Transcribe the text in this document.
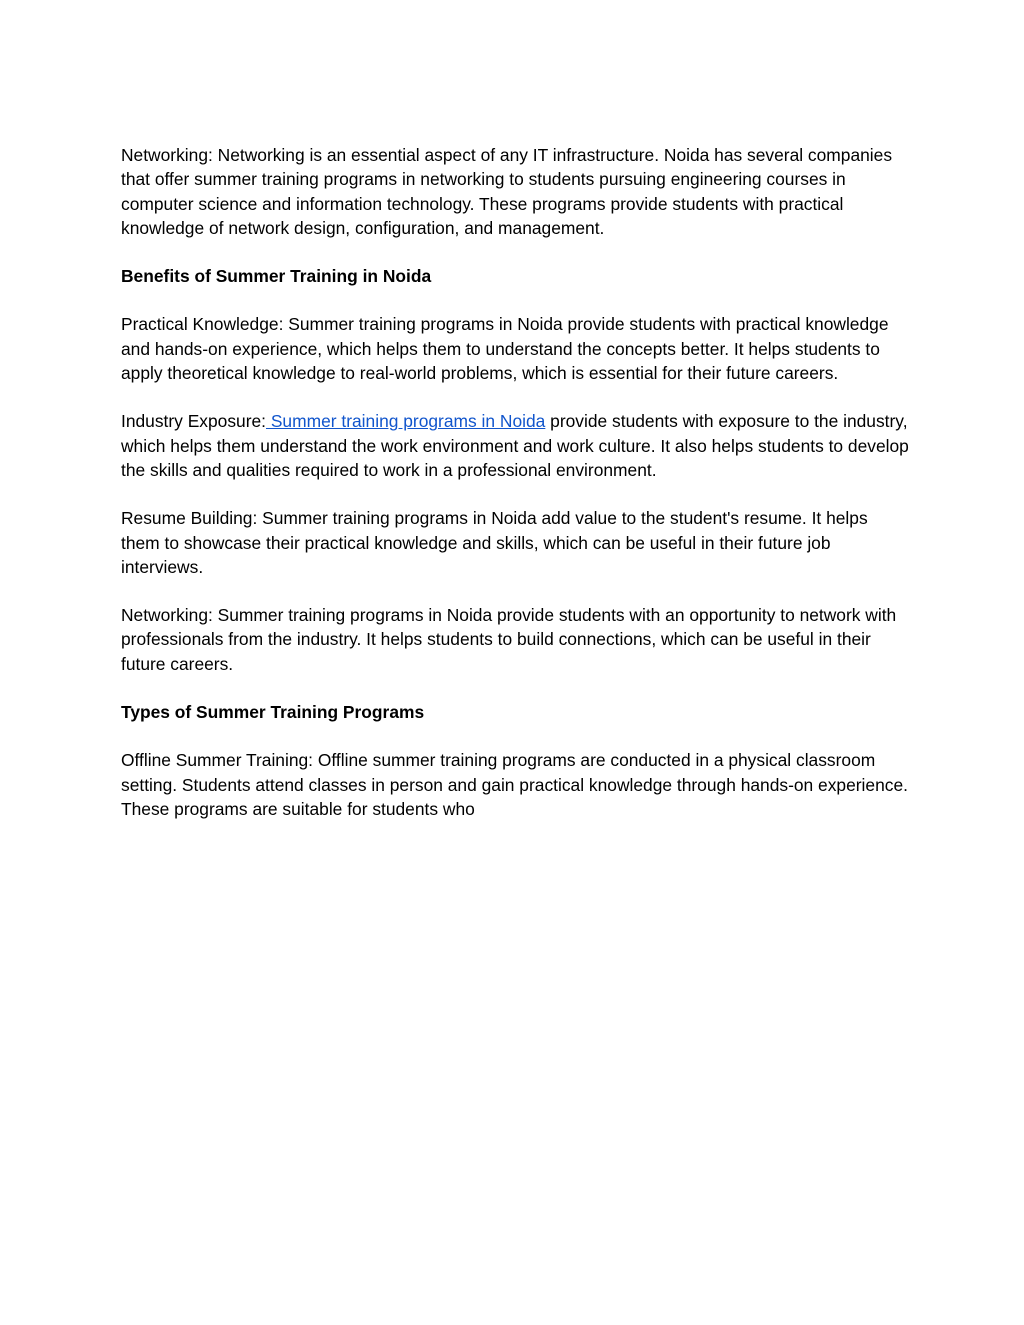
Networking: Networking is an essential aspect of any IT infrastructure. Noida has several companies that offer summer training programs in networking to students pursuing engineering courses in computer science and information technology. These programs provide students with practical knowledge of network design, configuration, and management.

Benefits of Summer Training in Noida

Practical Knowledge: Summer training programs in Noida provide students with practical knowledge and hands-on experience, which helps them to understand the concepts better. It helps students to apply theoretical knowledge to real-world problems, which is essential for their future careers.

Industry Exposure: Summer training programs in Noida provide students with exposure to the industry, which helps them understand the work environment and work culture. It also helps students to develop the skills and qualities required to work in a professional environment.

Resume Building: Summer training programs in Noida add value to the student's resume. It helps them to showcase their practical knowledge and skills, which can be useful in their future job interviews.

Networking: Summer training programs in Noida provide students with an opportunity to network with professionals from the industry. It helps students to build connections, which can be useful in their future careers.

Types of Summer Training Programs

Offline Summer Training: Offline summer training programs are conducted in a physical classroom setting. Students attend classes in person and gain practical knowledge through hands-on experience. These programs are suitable for students who
